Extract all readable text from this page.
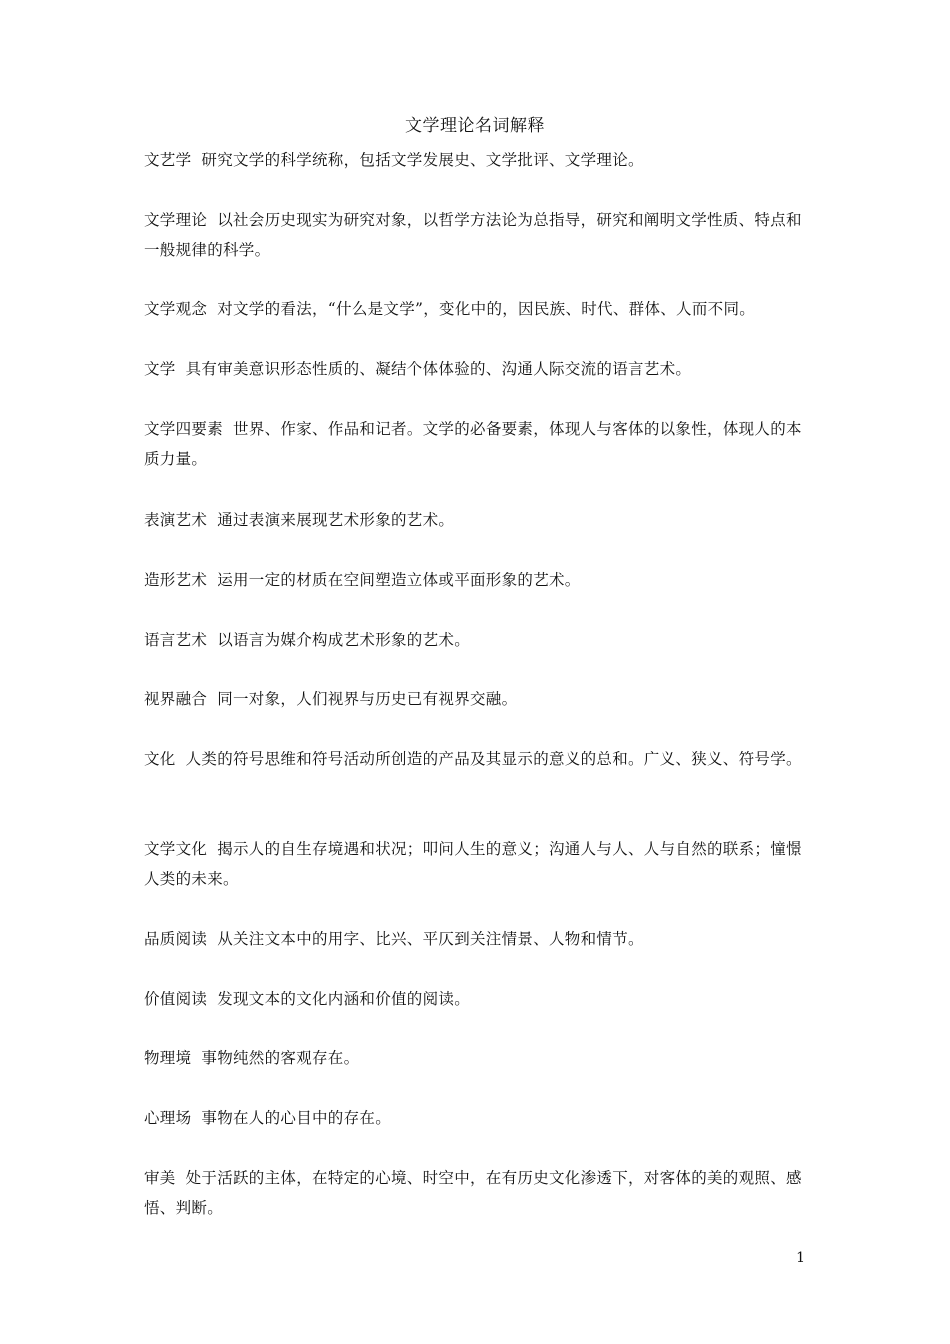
文学理论名词解释
文艺学 研究文学的科学统称，包括文学发展史、文学批评、文学理论。
文学理论 以社会历史现实为研究对象，以哲学方法论为总指导，研究和阐明文学性质、特点和一般规律的科学。
文学观念 对文学的看法，“什么是文学”，变化中的，因民族、时代、群体、人而不同。
文学 具有审美意识形态性质的、凝结个体体验的、沟通人际交流的语言艺术。
文学四要素 世界、作家、作品和记者。文学的必备要素，体现人与客体的以象性，体现人的本质力量。
表演艺术 通过表演来展现艺术形象的艺术。
造形艺术 运用一定的材质在空间塑造立体或平面形象的艺术。
语言艺术 以语言为媒介构成艺术形象的艺术。
视界融合 同一对象，人们视界与历史已有视界交融。
文化 人类的符号思维和符号活动所创造的产品及其显示的意义的总和。广义、狭义、符号学。
文学文化 揭示人的自生存境遇和状况；叩问人生的意义；沟通人与人、人与自然的联系；憧憬人类的未来。
品质阅读 从关注文本中的用字、比兴、平仄到关注情景、人物和情节。
价值阅读 发现文本的文化内涵和价值的阅读。
物理境 事物纯然的客观存在。
心理场 事物在人的心目中的存在。
审美 处于活跃的主体，在特定的心境、时空中，在有历史文化渗透下，对客体的美的观照、感悟、判断。
1
